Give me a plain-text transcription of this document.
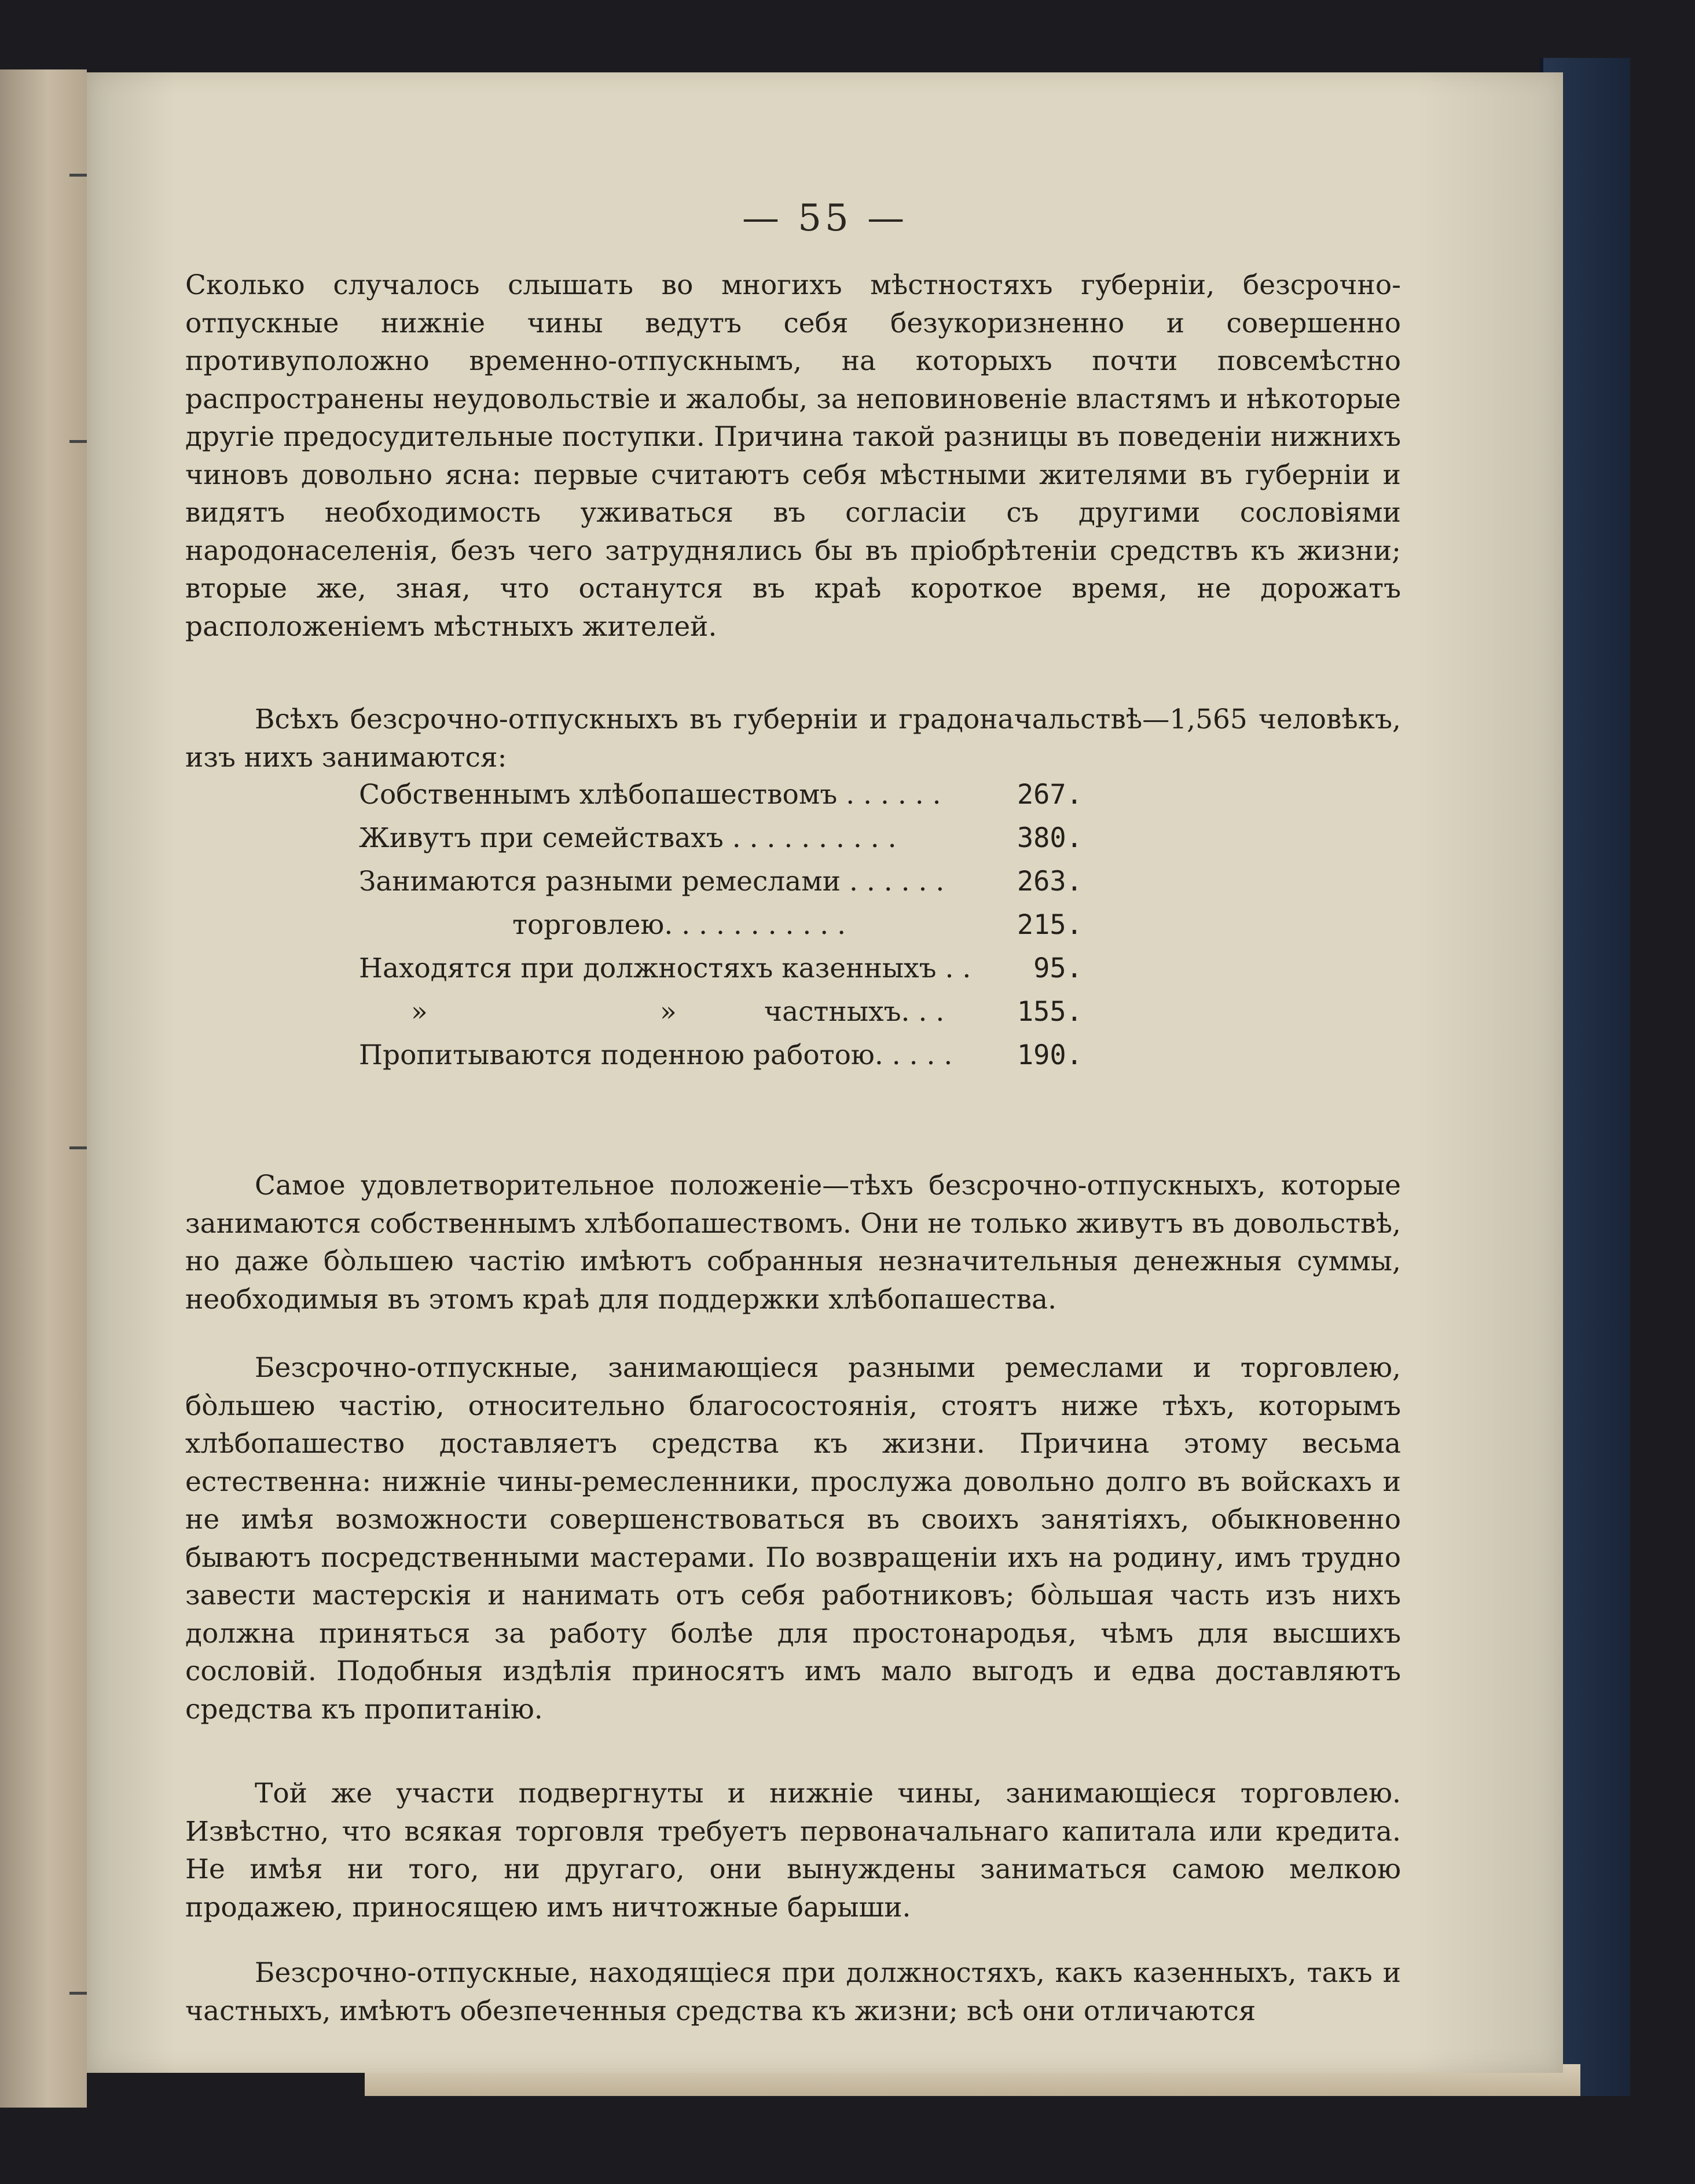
— 55 —

Сколько случалось слышать во многихъ мѣстностяхъ губерніи, безсрочно-отпускные нижніе чины ведутъ себя безукоризненно и совершенно противуположно временно-отпускнымъ, на которыхъ почти повсемѣстно распространены неудовольствіе и жалобы, за неповиновеніе властямъ и нѣкоторые другіе предосудительные поступки. Причина такой разницы въ поведеніи нижнихъ чиновъ довольно ясна: первые считаютъ себя мѣстными жителями въ губерніи и видятъ необходимость уживаться въ согласіи съ другими сословіями народонаселенія, безъ чего затруднялись бы въ пріобрѣтеніи средствъ къ жизни; вторые же, зная, что останутся въ краѣ короткое время, не дорожатъ расположеніемъ мѣстныхъ жителей.

Всѣхъ безсрочно-отпускныхъ въ губерніи и градоначальствѣ—1,565 человѣкъ, изъ нихъ занимаются:

Собственнымъ хлѣбопашествомъ . . . . . .	267.
Живутъ при семействахъ . . . . . . . . . .	380.
Занимаются разными ремеслами . . . . . .	263.
торговлею. . . . . . . . . . .	215.
Находятся при должностяхъ казенныхъ . . 95.
»	»	частныхъ. . .	155.
Пропитываются поденною работою. . . . . 190.

Самое удовлетворительное положеніе—тѣхъ безсрочно-отпускныхъ, которые занимаются собственнымъ хлѣбопашествомъ. Они не только живутъ въ довольствѣ, но даже бо̀льшею частію имѣютъ собранныя незначительныя денежныя суммы, необходимыя въ этомъ краѣ для поддержки хлѣбопашества.

Безсрочно-отпускные, занимающіеся разными ремеслами и торговлею, бо̀льшею частію, относительно благосостоянія, стоятъ ниже тѣхъ, которымъ хлѣбопашество доставляетъ средства къ жизни. Причина этому весьма естественна: нижніе чины-ремесленники, прослужа довольно долго въ войскахъ и не имѣя возможности совершенствоваться въ своихъ занятіяхъ, обыкновенно бываютъ посредственными мастерами. По возвращеніи ихъ на родину, имъ трудно завести мастерскія и нанимать отъ себя работниковъ; бо̀льшая часть изъ нихъ должна приняться за работу болѣе для простонародья, чѣмъ для высшихъ сословій. Подобныя издѣлія приносятъ имъ мало выгодъ и едва доставляютъ средства къ пропитанію.

Той же участи подвергнуты и нижніе чины, занимающіеся торговлею. Извѣстно, что всякая торговля требуетъ первоначальнаго капитала или кредита. Не имѣя ни того, ни другаго, они вынуждены заниматься самою мелкою продажею, приносящею имъ ничтожные барыши.

Безсрочно-отпускные, находящіеся при должностяхъ, какъ казенныхъ, такъ и частныхъ, имѣютъ обезпеченныя средства къ жизни; всѣ они отличаются
